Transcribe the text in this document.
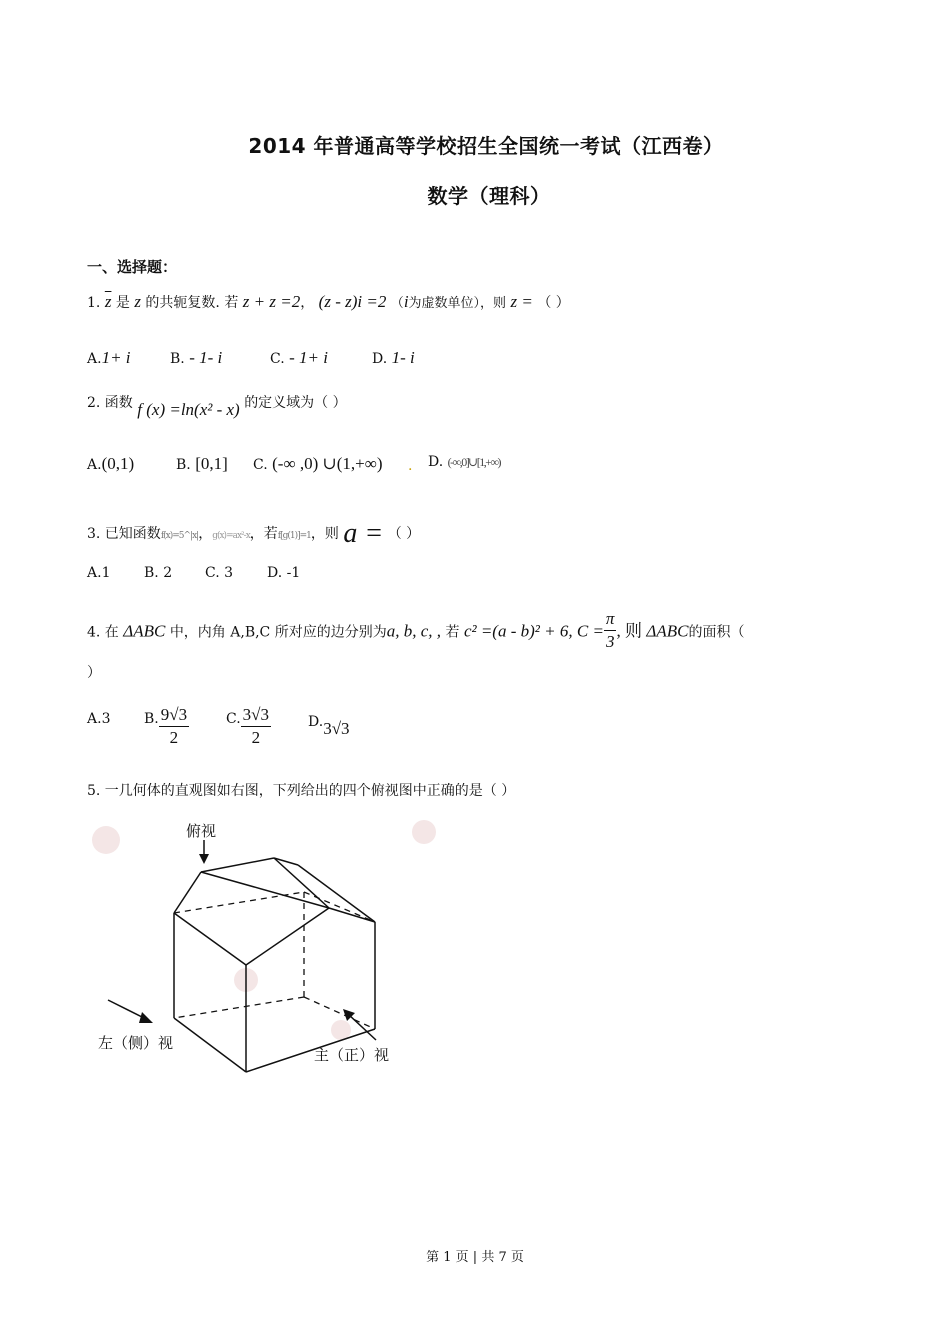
2014 年普通高等学校招生全国统一考试（江西卷）
数学（理科）
一、选择题：
1. $\overline{z}$ 是 z 的共轭复数. 若 z + z =2， (z - z)i =2 （i为虚数单位），则 z = （ ）
A.1+ i	B. - 1- i	C. - 1+ i	D. 1- i
2. 函数 f (x) =ln(x² - x) 的定义域为（ ）
A.(0,1)	B. [0,1] C. (-∞ ,0) ∪(1,+∞) . D. (-∞,0]∪[1,+∞)
3. 已知函数f(x)=5^|x|，g(x)=ax²-x，若f[g(1)]=1，则 a = （ ）
A.1 B. 2 C. 3 D. -1
4. 在 ΔABC 中，内角 A,B,C 所对应的边分别为a, b, c, , 若 c² =(a - b)² + 6, $C = \frac{\pi}{3}$ , 则 ΔABC的面积（
）
A.3 B. $\frac{9√3}{2}$	C. $\frac{3√3}{2}$	D.3√3
5. 一几何体的直观图如右图，下列给出的四个俯视图中正确的是（ ）
俯视
左（侧）视
主（正）视
第 1 页 | 共 7 页
